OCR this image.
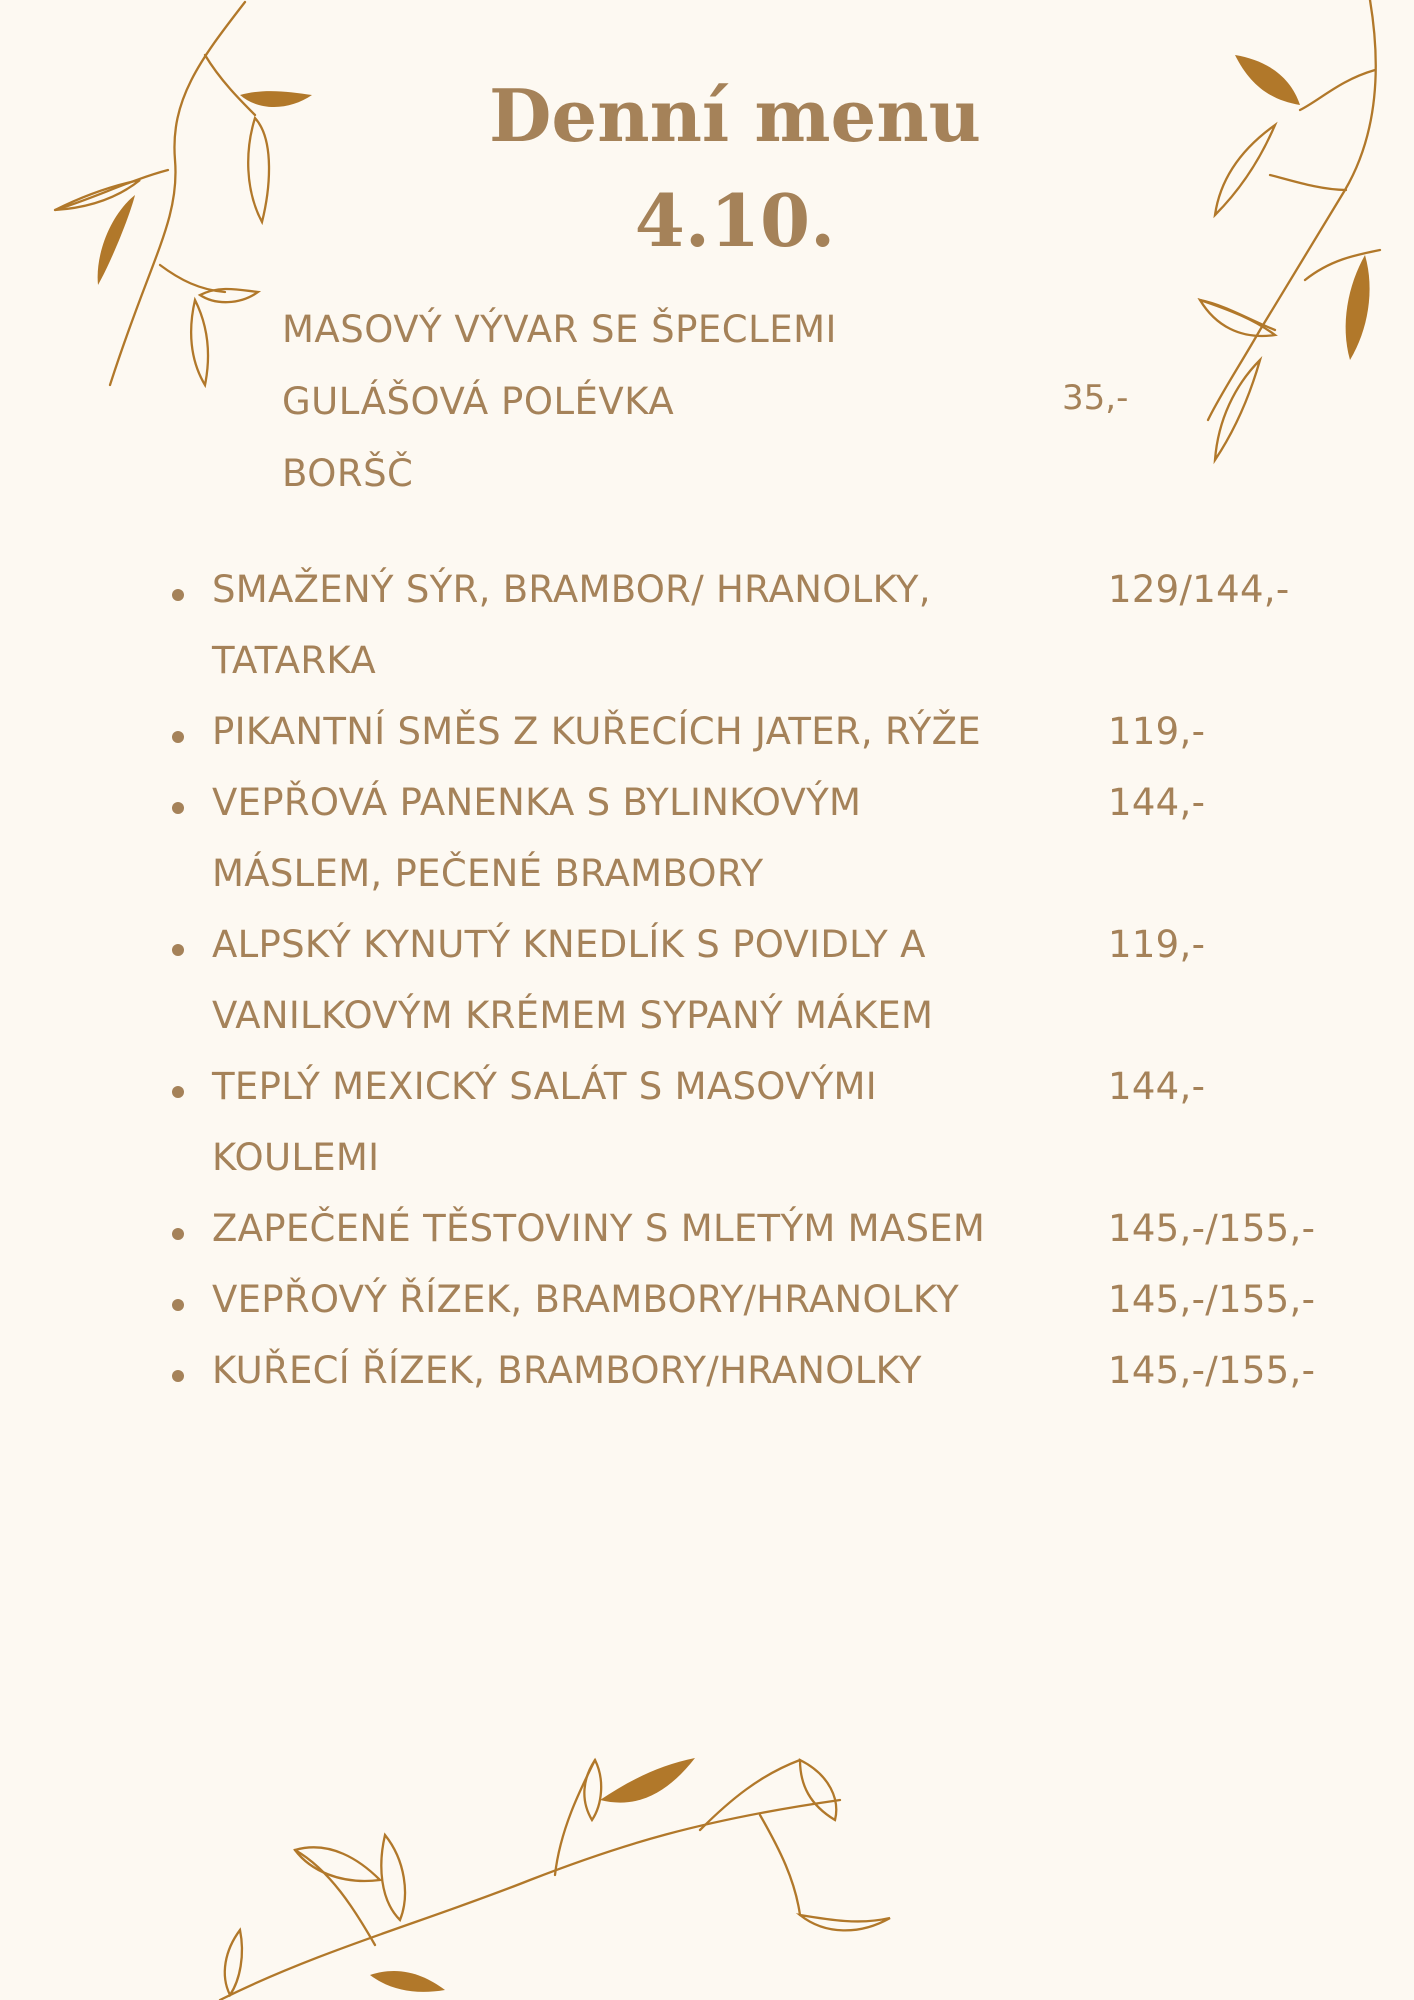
Denní menu
4.10.
MASOVÝ VÝVAR SE ŠPECLEMI
GULÁŠOVÁ POLÉVKA
BORŠČ
35,-
SMAŽENÝ SÝR, BRAMBOR/ HRANOLKY,
TATARKA
129/144,-
PIKANTNÍ SMĚS Z KUŘECÍCH JATER, RÝŽE	119,-
VEPŘOVÁ PANENKA S BYLINKOVÝM
MÁSLEM, PEČENÉ BRAMBORY
144,-
ALPSKÝ KYNUTÝ KNEDLÍK S POVIDLY A
VANILKOVÝM KRÉMEM SYPANÝ MÁKEM
119,-
TEPLÝ MEXICKÝ SALÁT S MASOVÝMI
KOULEMI
144,-
ZAPEČENÉ TĚSTOVINY S MLETÝM MASEM	145,-/155,-
VEPŘOVÝ ŘÍZEK, BRAMBORY/HRANOLKY	145,-/155,-
KUŘECÍ ŘÍZEK, BRAMBORY/HRANOLKY	145,-/155,-
